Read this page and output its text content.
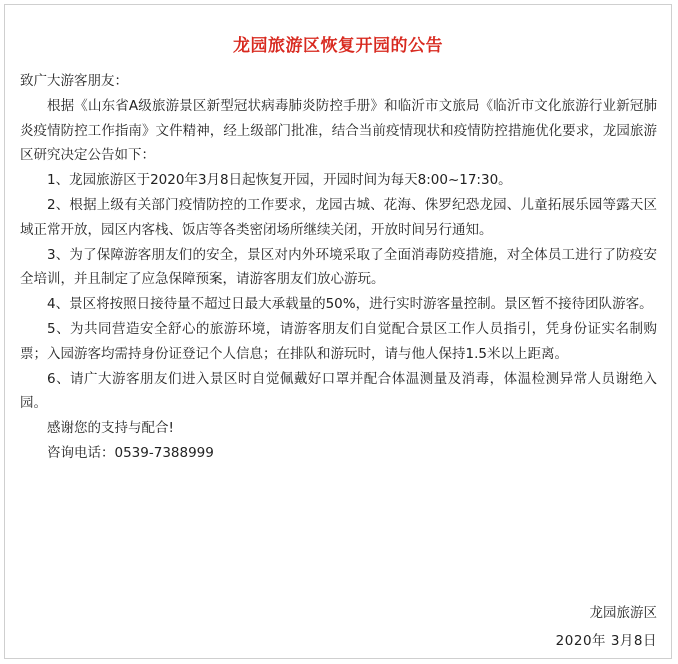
龙园旅游区恢复开园的公告

致广大游客朋友：

根据《山东省A级旅游景区新型冠状病毒肺炎防控手册》和临沂市文旅局《临沂市文化旅游行业新冠肺炎疫情防控工作指南》文件精神，经上级部门批准，结合当前疫情现状和疫情防控措施优化要求，龙园旅游区研究决定公告如下：

1、龙园旅游区于2020年3月8日起恢复开园，开园时间为每天8:00~17:30。

2、根据上级有关部门疫情防控的工作要求，龙园古城、花海、侏罗纪恐龙园、儿童拓展乐园等露天区域正常开放，园区内客栈、饭店等各类密闭场所继续关闭，开放时间另行通知。

3、为了保障游客朋友们的安全，景区对内外环境采取了全面消毒防疫措施，对全体员工进行了防疫安全培训，并且制定了应急保障预案，请游客朋友们放心游玩。

4、景区将按照日接待量不超过日最大承载量的50%，进行实时游客量控制。景区暂不接待团队游客。

5、为共同营造安全舒心的旅游环境，请游客朋友们自觉配合景区工作人员指引，凭身份证实名制购票；入园游客均需持身份证登记个人信息；在排队和游玩时，请与他人保持1.5米以上距离。

6、请广大游客朋友们进入景区时自觉佩戴好口罩并配合体温测量及消毒，体温检测异常人员谢绝入园。

感谢您的支持与配合!

咨询电话：0539-7388999

龙园旅游区
2020年 3月8日
